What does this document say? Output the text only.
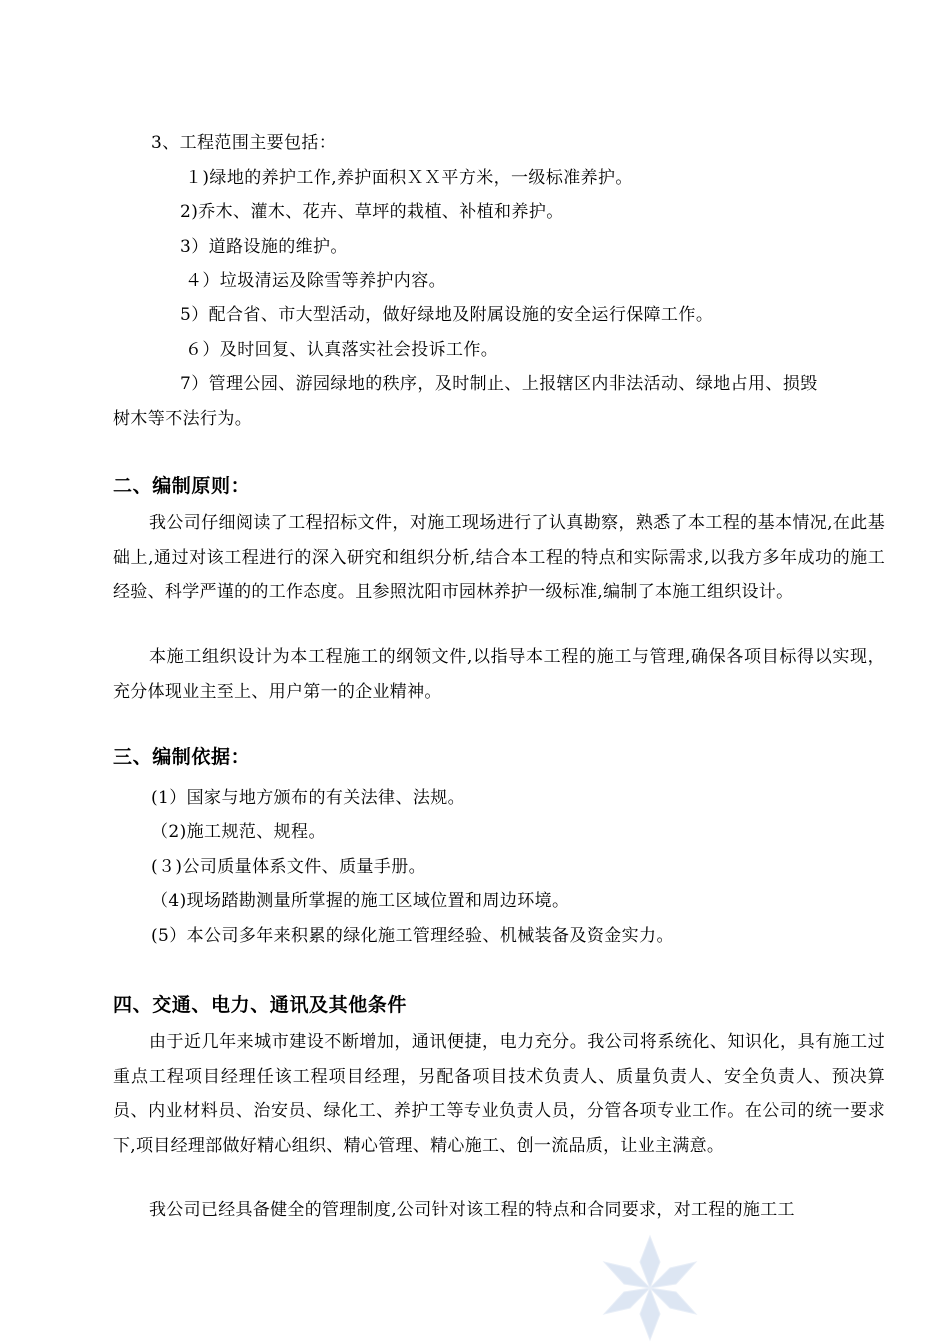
3、工程范围主要包括：
１)绿地的养护工作,养护面积ＸＸ平方米，一级标准养护。
2)乔木、灌木、花卉、草坪的栽植、补植和养护。
3）道路设施的维护。
４）垃圾清运及除雪等养护内容。
5）配合省、市大型活动，做好绿地及附属设施的安全运行保障工作。
６）及时回复、认真落实社会投诉工作。
7）管理公园、游园绿地的秩序，及时制止、上报辖区内非法活动、绿地占用、损毁
树木等不法行为。
二、编制原则：
我公司仔细阅读了工程招标文件，对施工现场进行了认真勘察，熟悉了本工程的基本情况,在此基础上,通过对该工程进行的深入研究和组织分析,结合本工程的特点和实际需求,以我方多年成功的施工经验、科学严谨的的工作态度。且参照沈阳市园林养护一级标准,编制了本施工组织设计。
本施工组织设计为本工程施工的纲领文件,以指导本工程的施工与管理,确保各项目标得以实现，充分体现业主至上、用户第一的企业精神。
三、编制依据：
(1）国家与地方颁布的有关法律、法规。
（2)施工规范、规程。
(３)公司质量体系文件、质量手册。
（4)现场踏勘测量所掌握的施工区域位置和周边环境。
(5）本公司多年来积累的绿化施工管理经验、机械装备及资金实力。
四、交通、电力、通讯及其他条件
由于近几年来城市建设不断增加，通讯便捷，电力充分。我公司将系统化、知识化，具有施工过重点工程项目经理任该工程项目经理，另配备项目技术负责人、质量负责人、安全负责人、预决算员、内业材料员、治安员、绿化工、养护工等专业负责人员，分管各项专业工作。在公司的统一要求下,项目经理部做好精心组织、精心管理、精心施工、创一流品质，让业主满意。
我公司已经具备健全的管理制度,公司针对该工程的特点和合同要求，对工程的施工工
